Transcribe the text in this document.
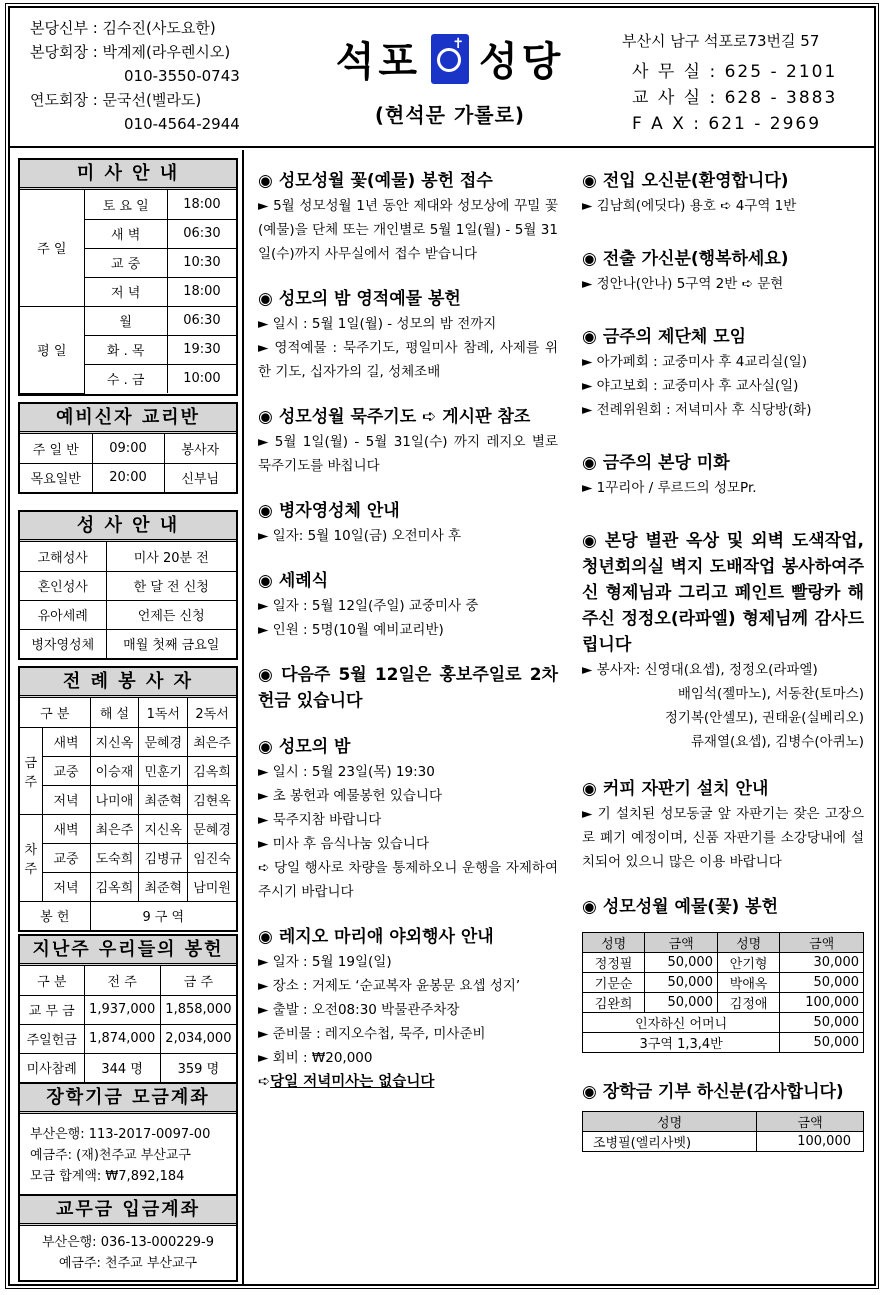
본당신부 : 김수진(사도요한)
본당회장 : 박계제(라우렌시오)
010-3550-0743
연도회장 : 문국선(벨라도)
010-4564-2944
석포 ✝ 성당
(현석문 가롤로)
부산시 남구 석포로73번길 57
사 무 실 : 625 - 2101
교 사 실 : 628 - 3883
F A X : 621 - 2969
미 사 안 내
주 일	토 요 일	18:00
	새 벽	06:30
	교 중	10:30
	저 녁	18:00
평 일	월	06:30
	화 . 목	19:30
	수 . 금	10:00
예비신자 교리반
주 일 반	09:00	봉사자
목요일반	20:00	신부님
성 사 안 내
고해성사	미사 20분 전
혼인성사	한 달 전 신청
유아세례	언제든 신청
병자영성체	매월 첫째 금요일
전 례 봉 사 자
구 분		해 설	1독서	2독서
금주	새벽	지신옥	문혜경	최은주
	교중	이승재	민훈기	김옥희
	저녁	나미애	최준혁	김현옥
차주	새벽	최은주	지신옥	문혜경
	교중	도숙희	김병규	임진숙
	저녁	김옥희	최준혁	남미원
봉 헌		9 구 역		
지난주 우리들의 봉헌
구 분	전 주	금 주
교 무 금	1,937,000	1,858,000
주일헌금	1,874,000	2,034,000
미사참례	344 명	359 명
장학기금 모금계좌
부산은행: 113-2017-0097-00
예금주: (재)천주교 부산교구
모금 합계액: ₩7,892,184
교무금 입금계좌
부산은행: 036-13-000229-9
예금주: 천주교 부산교구
◉ 성모성월 꽃(예물) 봉헌 접수
► 5월 성모성월 1년 동안 제대와 성모상에 꾸밀 꽃(예물)을 단체 또는 개인별로 5월 1일(월) - 5월 31일(수)까지 사무실에서 접수 받습니다
◉ 성모의 밤 영적예물 봉헌
► 일시 : 5월 1일(월) - 성모의 밤 전까지
► 영적예물 : 묵주기도, 평일미사 참례, 사제를 위한 기도, 십자가의 길, 성체조배
◉ 성모성월 묵주기도 ➪ 게시판 참조
► 5월 1일(월) - 5월 31일(수) 까지 레지오 별로 묵주기도를 바칩니다
◉ 병자영성체 안내
► 일자: 5월 10일(금) 오전미사 후
◉ 세례식
► 일자 : 5월 12일(주일) 교중미사 중
► 인원 : 5명(10월 예비교리반)
◉ 다음주 5월 12일은 홍보주일로 2차 헌금 있습니다
◉ 성모의 밤
► 일시 : 5월 23일(목) 19:30
► 초 봉헌과 예물봉헌 있습니다
► 묵주지참 바랍니다
► 미사 후 음식나눔 있습니다
➪ 당일 행사로 차량을 통제하오니 운행을 자제하여 주시기 바랍니다
◉ 레지오 마리애 야외행사 안내
► 일자 : 5월 19일(일)
► 장소 : 거제도 ‘순교복자 윤봉문 요셉 성지’
► 출발 : 오전08:30 박물관주차장
► 준비물 : 레지오수첩, 묵주, 미사준비
► 회비 : ₩20,000
➪당일 저녁미사는 없습니다
◉ 전입 오신분(환영합니다)
► 김남희(에딧다) 용호 ➪ 4구역 1반
◉ 전출 가신분(행복하세요)
► 정안나(안나) 5구역 2반 ➪ 문현
◉ 금주의 제단체 모임
► 아가페회 : 교중미사 후 4교리실(일)
► 야고보회 : 교중미사 후 교사실(일)
► 전례위원회 : 저녁미사 후 식당방(화)
◉ 금주의 본당 미화
► 1꾸리아 / 루르드의 성모Pr.
◉ 본당 별관 옥상 및 외벽 도색작업, 청년회의실 벽지 도배작업 봉사하여주신 형제님과 그리고 페인트 빨랑카 해주신 정정오(라파엘) 형제님께 감사드립니다
► 봉사자: 신영대(요셉), 정정오(라파엘)
배임석(젤마노), 서동찬(토마스)
정기복(안셀모), 권태윤(실베리오)
류재열(요셉), 김병수(아퀴노)
◉ 커피 자판기 설치 안내
► 기 설치된 성모동굴 앞 자판기는 잦은 고장으로 폐기 예정이며, 신품 자판기를 소강당내에 설치되어 있으니 많은 이용 바랍니다
◉ 성모성월 예물(꽃) 봉헌
성명	금액	성명	금액
정정필	50,000	안기형	30,000
기문순	50,000	박애옥	50,000
김완희	50,000	김정애	100,000
인자하신 어머니			50,000
3구역 1,3,4반			50,000
◉ 장학금 기부 하신분(감사합니다)
성명	금액
조병필(엘리사벳)	100,000
